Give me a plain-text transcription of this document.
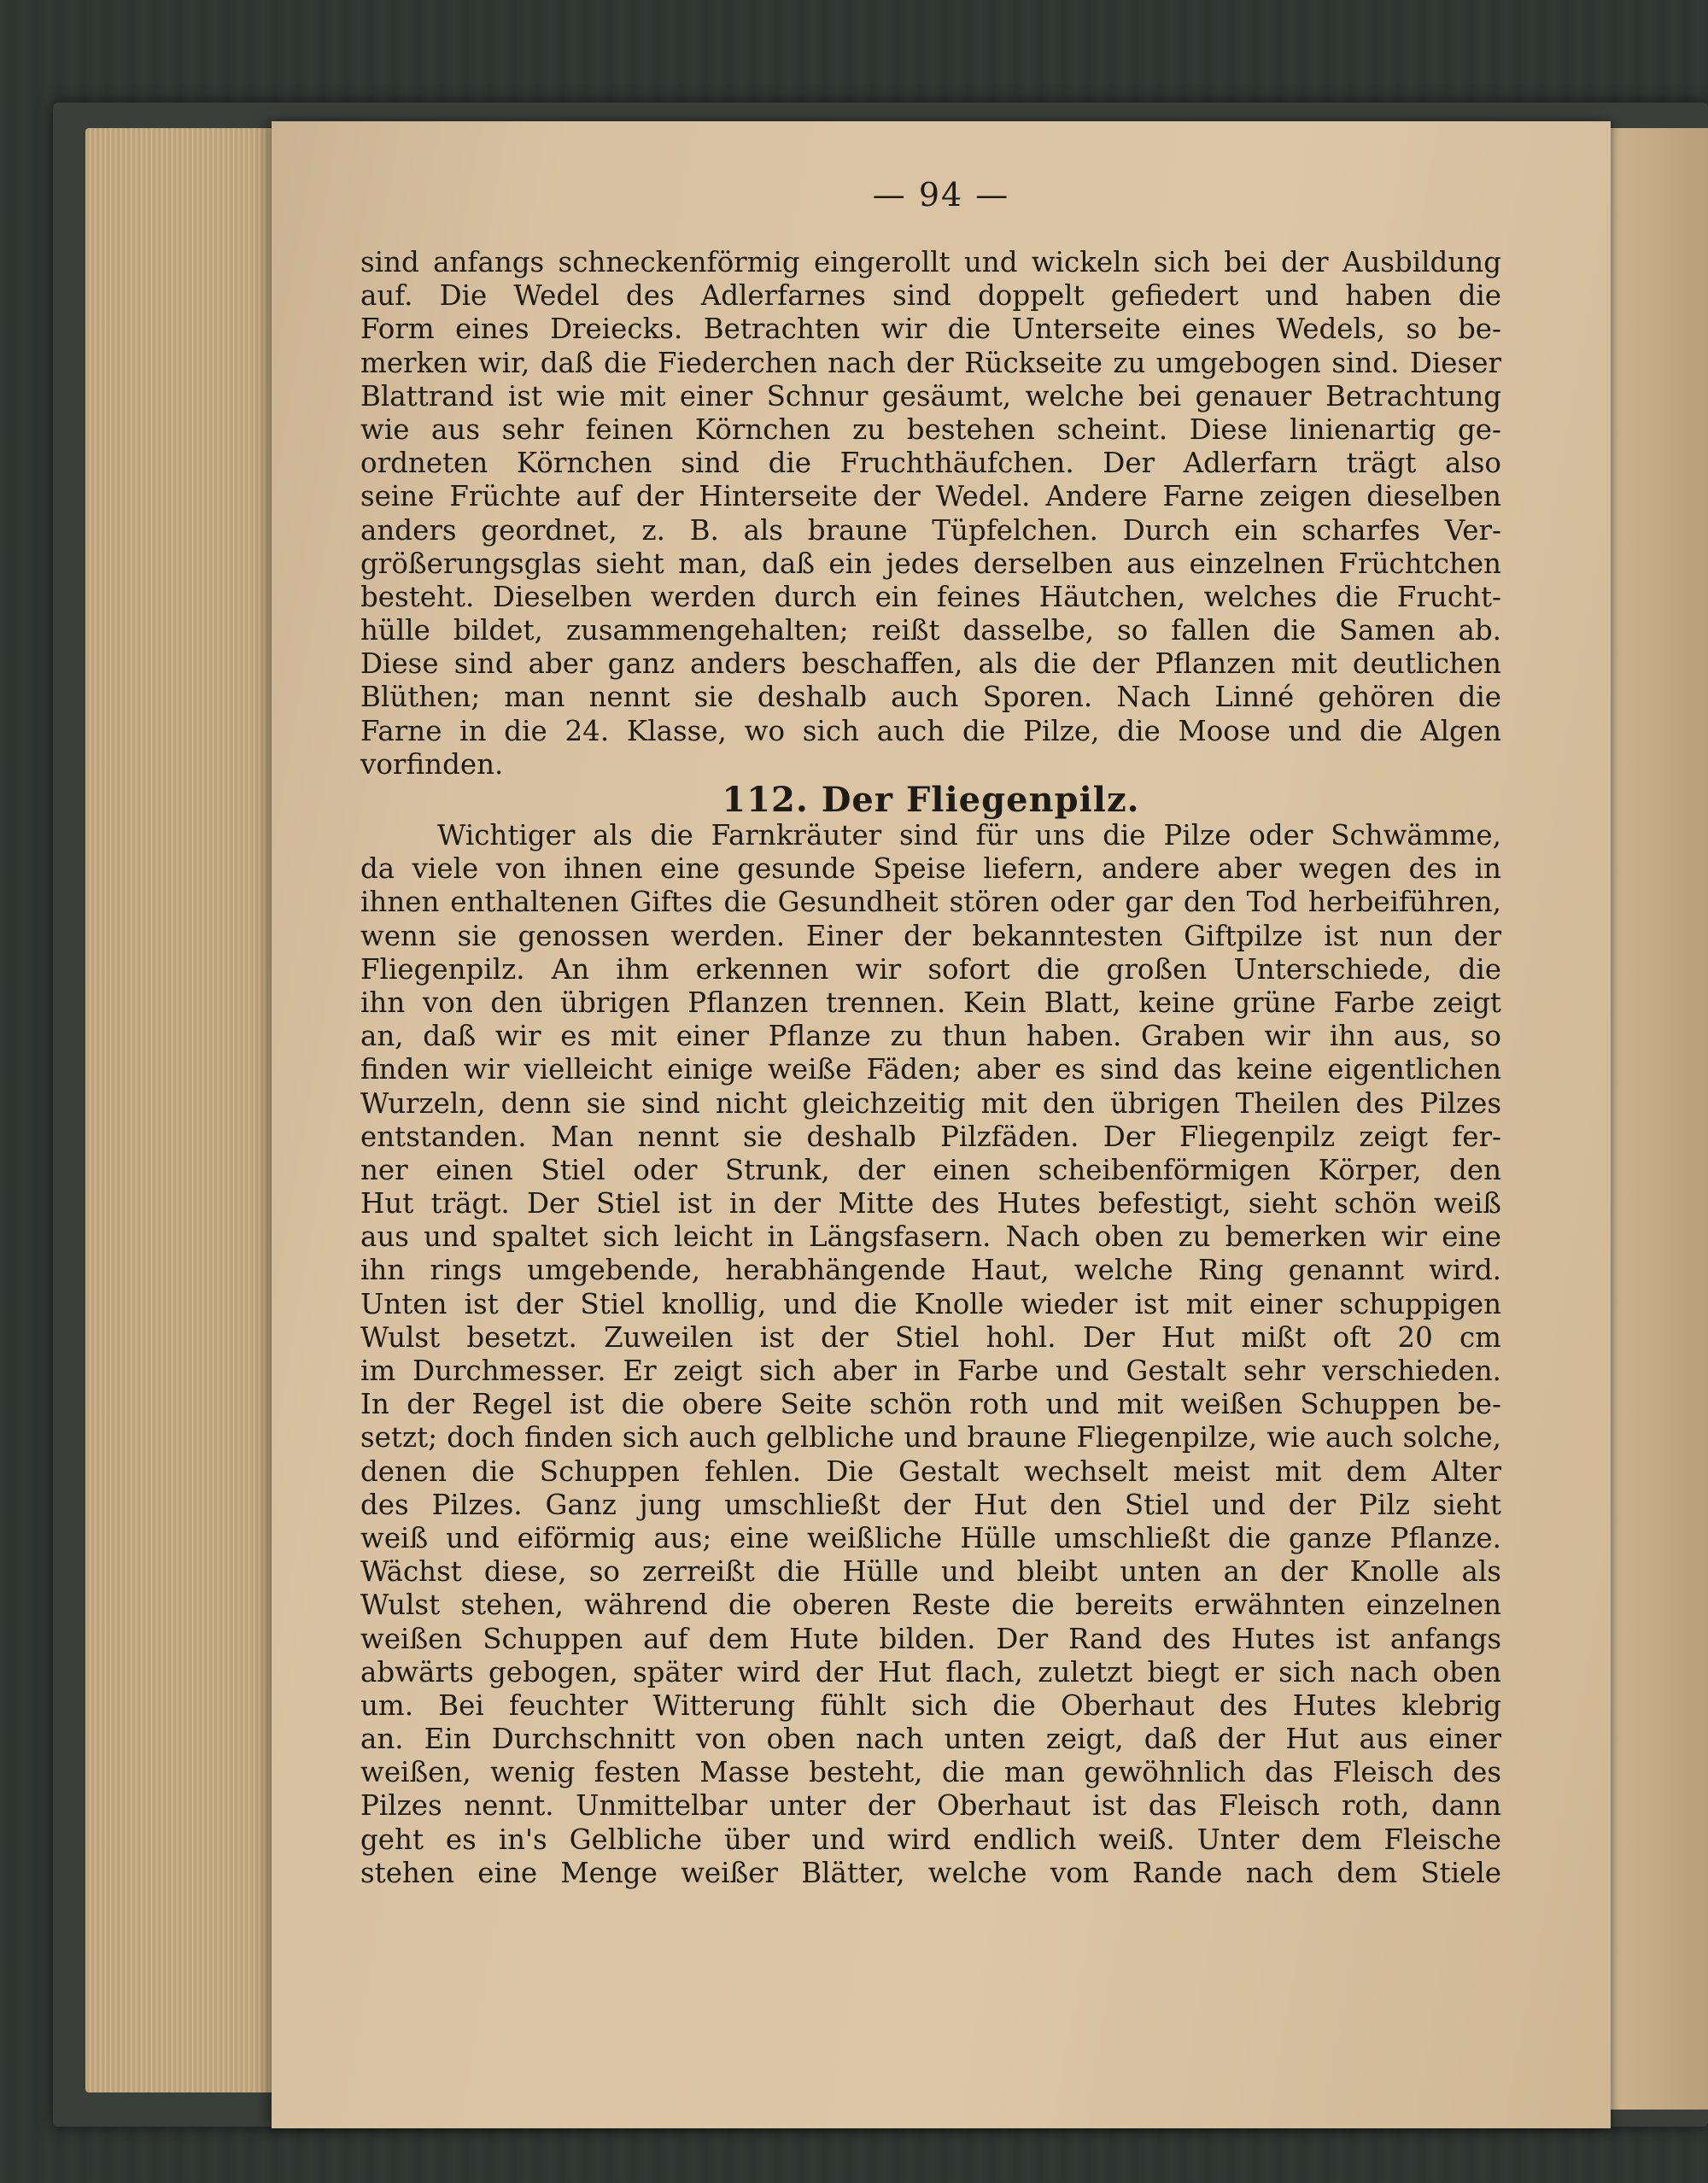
— 94 —
sind anfangs schneckenförmig eingerollt und wickeln sich bei der Ausbildung
auf. Die Wedel des Adlerfarnes sind doppelt gefiedert und haben die
Form eines Dreiecks. Betrachten wir die Unterseite eines Wedels, so be-
merken wir, daß die Fiederchen nach der Rückseite zu umgebogen sind. Dieser
Blattrand ist wie mit einer Schnur gesäumt, welche bei genauer Betrachtung
wie aus sehr feinen Körnchen zu bestehen scheint. Diese linienartig ge-
ordneten Körnchen sind die Fruchthäufchen. Der Adlerfarn trägt also
seine Früchte auf der Hinterseite der Wedel. Andere Farne zeigen dieselben
anders geordnet, z. B. als braune Tüpfelchen. Durch ein scharfes Ver-
größerungsglas sieht man, daß ein jedes derselben aus einzelnen Früchtchen
besteht. Dieselben werden durch ein feines Häutchen, welches die Frucht-
hülle bildet, zusammengehalten; reißt dasselbe, so fallen die Samen ab.
Diese sind aber ganz anders beschaffen, als die der Pflanzen mit deutlichen
Blüthen; man nennt sie deshalb auch Sporen. Nach Linné gehören die
Farne in die 24. Klasse, wo sich auch die Pilze, die Moose und die Algen
vorfinden.
112. Der Fliegenpilz.
Wichtiger als die Farnkräuter sind für uns die Pilze oder Schwämme,
da viele von ihnen eine gesunde Speise liefern, andere aber wegen des in
ihnen enthaltenen Giftes die Gesundheit stören oder gar den Tod herbeiführen,
wenn sie genossen werden. Einer der bekanntesten Giftpilze ist nun der
Fliegenpilz. An ihm erkennen wir sofort die großen Unterschiede, die
ihn von den übrigen Pflanzen trennen. Kein Blatt, keine grüne Farbe zeigt
an, daß wir es mit einer Pflanze zu thun haben. Graben wir ihn aus, so
finden wir vielleicht einige weiße Fäden; aber es sind das keine eigentlichen
Wurzeln, denn sie sind nicht gleichzeitig mit den übrigen Theilen des Pilzes
entstanden. Man nennt sie deshalb Pilzfäden. Der Fliegenpilz zeigt fer-
ner einen Stiel oder Strunk, der einen scheibenförmigen Körper, den
Hut trägt. Der Stiel ist in der Mitte des Hutes befestigt, sieht schön weiß
aus und spaltet sich leicht in Längsfasern. Nach oben zu bemerken wir eine
ihn rings umgebende, herabhängende Haut, welche Ring genannt wird.
Unten ist der Stiel knollig, und die Knolle wieder ist mit einer schuppigen
Wulst besetzt. Zuweilen ist der Stiel hohl. Der Hut mißt oft 20 cm
im Durchmesser. Er zeigt sich aber in Farbe und Gestalt sehr verschieden.
In der Regel ist die obere Seite schön roth und mit weißen Schuppen be-
setzt; doch finden sich auch gelbliche und braune Fliegenpilze, wie auch solche,
denen die Schuppen fehlen. Die Gestalt wechselt meist mit dem Alter
des Pilzes. Ganz jung umschließt der Hut den Stiel und der Pilz sieht
weiß und eiförmig aus; eine weißliche Hülle umschließt die ganze Pflanze.
Wächst diese, so zerreißt die Hülle und bleibt unten an der Knolle als
Wulst stehen, während die oberen Reste die bereits erwähnten einzelnen
weißen Schuppen auf dem Hute bilden. Der Rand des Hutes ist anfangs
abwärts gebogen, später wird der Hut flach, zuletzt biegt er sich nach oben
um. Bei feuchter Witterung fühlt sich die Oberhaut des Hutes klebrig
an. Ein Durchschnitt von oben nach unten zeigt, daß der Hut aus einer
weißen, wenig festen Masse besteht, die man gewöhnlich das Fleisch des
Pilzes nennt. Unmittelbar unter der Oberhaut ist das Fleisch roth, dann
geht es in's Gelbliche über und wird endlich weiß. Unter dem Fleische
stehen eine Menge weißer Blätter, welche vom Rande nach dem Stiele
